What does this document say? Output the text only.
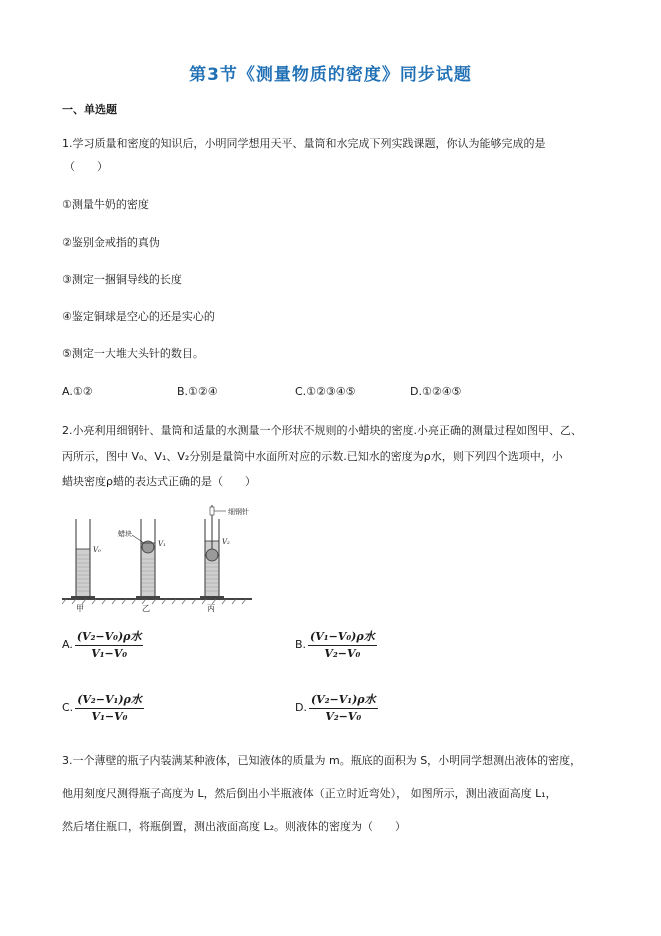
第3节《测量物质的密度》同步试题
一、单选题
1.学习质量和密度的知识后，小明同学想用天平、量筒和水完成下列实践课题，你认为能够完成的是
（　　）
①测量牛奶的密度
②鉴别金戒指的真伪
③测定一捆铜导线的长度
④鉴定铜球是空心的还是实心的
⑤测定一大堆大头针的数目。
A.①②	B.①②④	C.①②③④⑤	D.①②④⑤
2.小亮利用细钢针、量筒和适量的水测量一个形状不规则的小蜡块的密度.小亮正确的测量过程如图甲、乙、
丙所示，图中 V₀、V₁、V₂分别是量筒中水面所对应的示数.已知水的密度为ρ水，则下列四个选项中，小
蜡块密度ρ蜡的表达式正确的是（　　）
V₀
蜡块
V₁
细钢针
V₂
甲	乙	丙
A. $\frac{\text{(V₂−V₀)ρ水}}{\text{V₁−V₀}}$	B. $\frac{\text{(V₁−V₀)ρ水}}{\text{V₂−V₀}}$
C. $\frac{\text{(V₂−V₁)ρ水}}{\text{V₁−V₀}}$	D. $\frac{\text{(V₂−V₁)ρ水}}{\text{V₂−V₀}}$
3.一个薄壁的瓶子内装满某种液体，已知液体的质量为 m。瓶底的面积为 S，小明同学想测出液体的密度，
他用刻度尺测得瓶子高度为 L，然后倒出小半瓶液体（正立时近弯处）， 如图所示，测出液面高度 L₁，
然后堵住瓶口，将瓶倒置，测出液面高度 L₂。则液体的密度为（　　）
